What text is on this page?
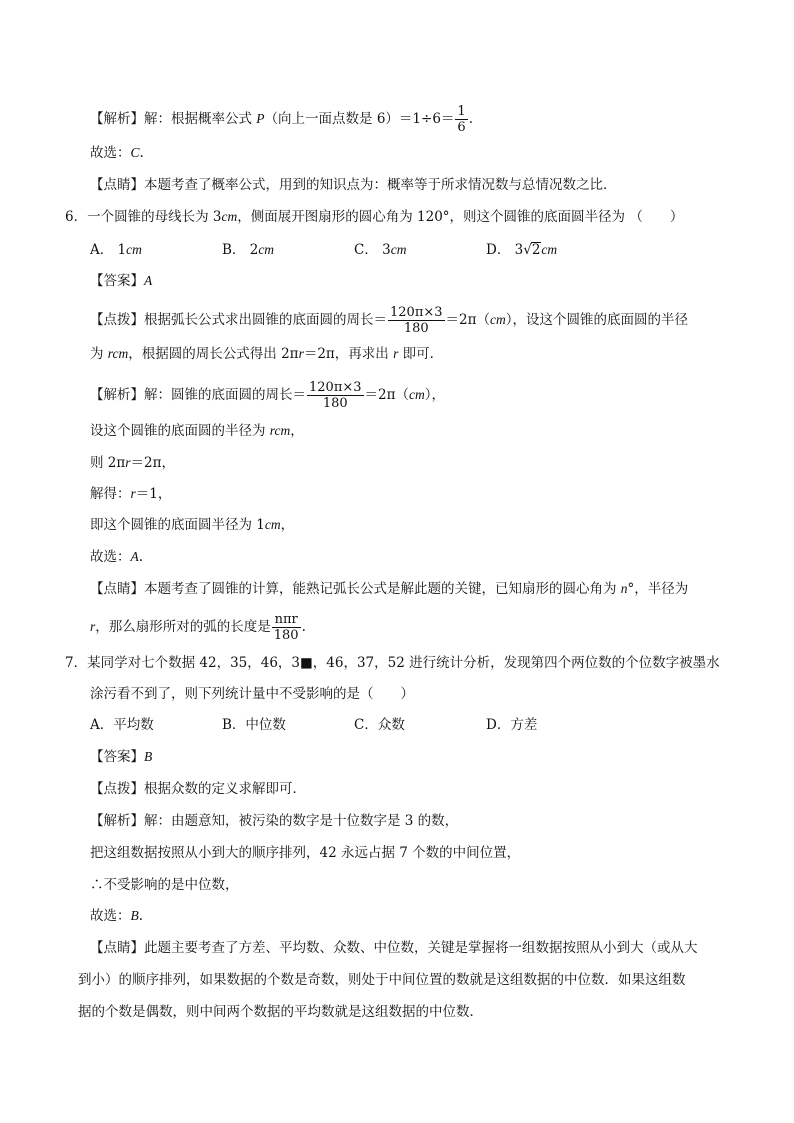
【解析】解：根据概率公式 P（向上一面点数是 $6)=1\div 6= \frac{1}{6}$ .
故选：C.
【点睛】本题考查了概率公式，用到的知识点为：概率等于所求情况数与总情况数之比．
6．一个圆锥的母线长为 3cm，侧面展开图扇形的圆心角为 120°，则这个圆锥的底面圆半径为 （　　）
A． 1cm	B． 2cm	C． 3cm	D． 3√2cm
【答案】A
【点拨】根据弧长公式求出圆锥的底面圆的周长＝ $\frac{120\pi\times 3}{180} =2\pi(cm)$，设这个圆锥的底面圆的半径
为 rcm，根据圆的周长公式得出 2πr＝2π，再求出 r 即可．
【解析】解：圆锥的底面圆的周长＝ $\frac{120\pi\times 3}{180} =2\pi(cm)$，
设这个圆锥的底面圆的半径为 rcm，
则 2πr＝2π，
解得：r＝1，
即这个圆锥的底面圆半径为 1cm，
故选：A.
【点睛】本题考查了圆锥的计算，能熟记弧长公式是解此题的关键，已知扇形的圆心角为 n°，半径为
r，那么扇形所对的弧的长度是 $\frac{\text{nπr}}{180}$ .
7．某同学对七个数据 42，35，46，3■，46，37，52 进行统计分析，发现第四个两位数的个位数字被墨水
涂污看不到了，则下列统计量中不受影响的是（　　）
A．平均数	B．中位数	C．众数	D．方差
【答案】B
【点拨】根据众数的定义求解即可．
【解析】解：由题意知，被污染的数字是十位数字是 3 的数，
把这组数据按照从小到大的顺序排列，42 永远占据 7 个数的中间位置，
∴不受影响的是中位数，
故选：B.
【点睛】此题主要考查了方差、平均数、众数、中位数，关键是掌握将一组数据按照从小到大（或从大
到小）的顺序排列，如果数据的个数是奇数，则处于中间位置的数就是这组数据的中位数．如果这组数
据的个数是偶数，则中间两个数据的平均数就是这组数据的中位数．
